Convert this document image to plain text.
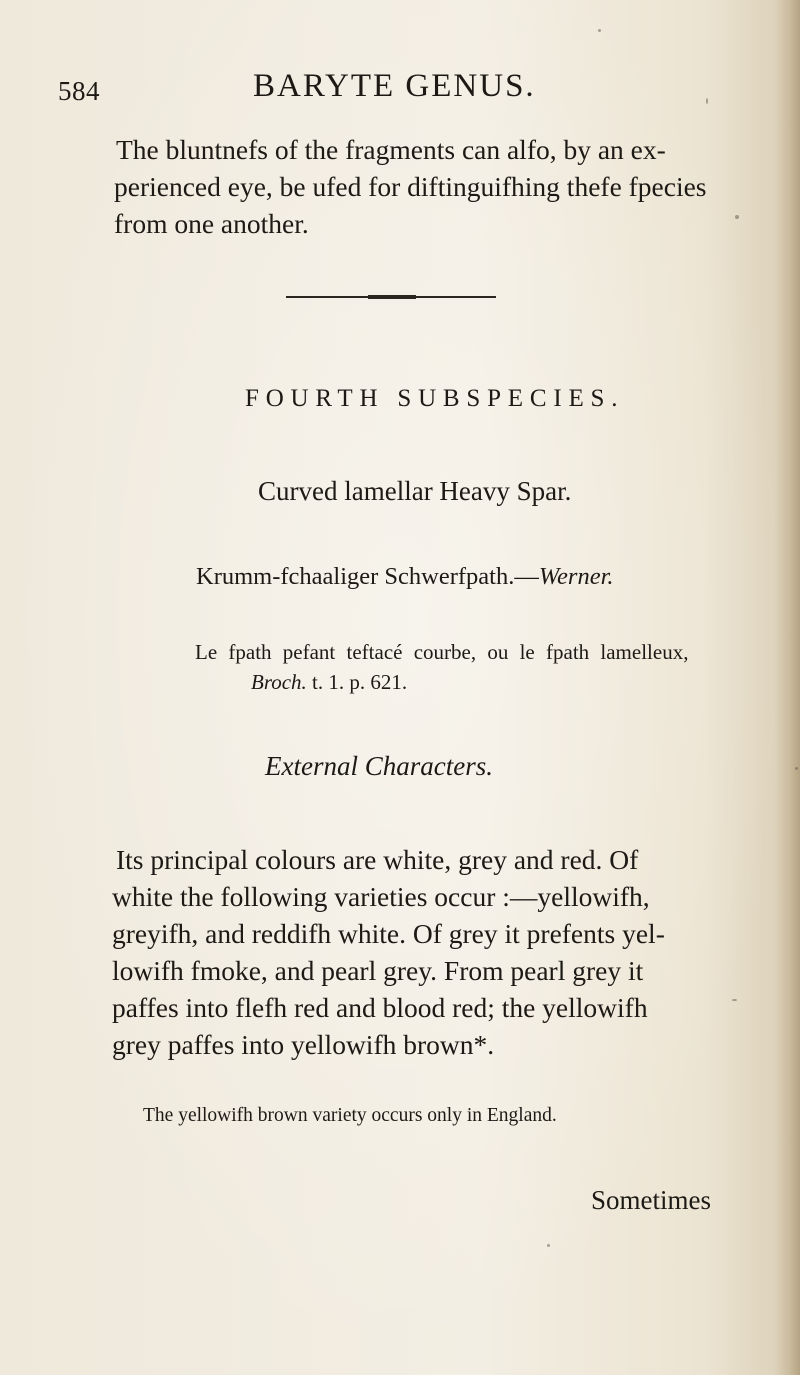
584	BARYTE GENUS.
The bluntnefs of the fragments can alfo, by an ex-
perienced eye, be ufed for diftinguifhing thefe fpecies
from one another.
FOURTH SUBSPECIES.
Curved lamellar Heavy Spar.
Krumm-fchaaliger Schwerfpath.—Werner.
Le fpath pefant teftacé courbe, ou le fpath lamelleux,
Broch. t. 1. p. 621.
External Characters.
Its principal colours are white, grey and red. Of
white the following varieties occur :—yellowifh,
greyifh, and reddifh white. Of grey it prefents yel-
lowifh fmoke, and pearl grey. From pearl grey it
paffes into flefh red and blood red; the yellowifh
grey paffes into yellowifh brown*.
The yellowifh brown variety occurs only in England.
Sometimes
